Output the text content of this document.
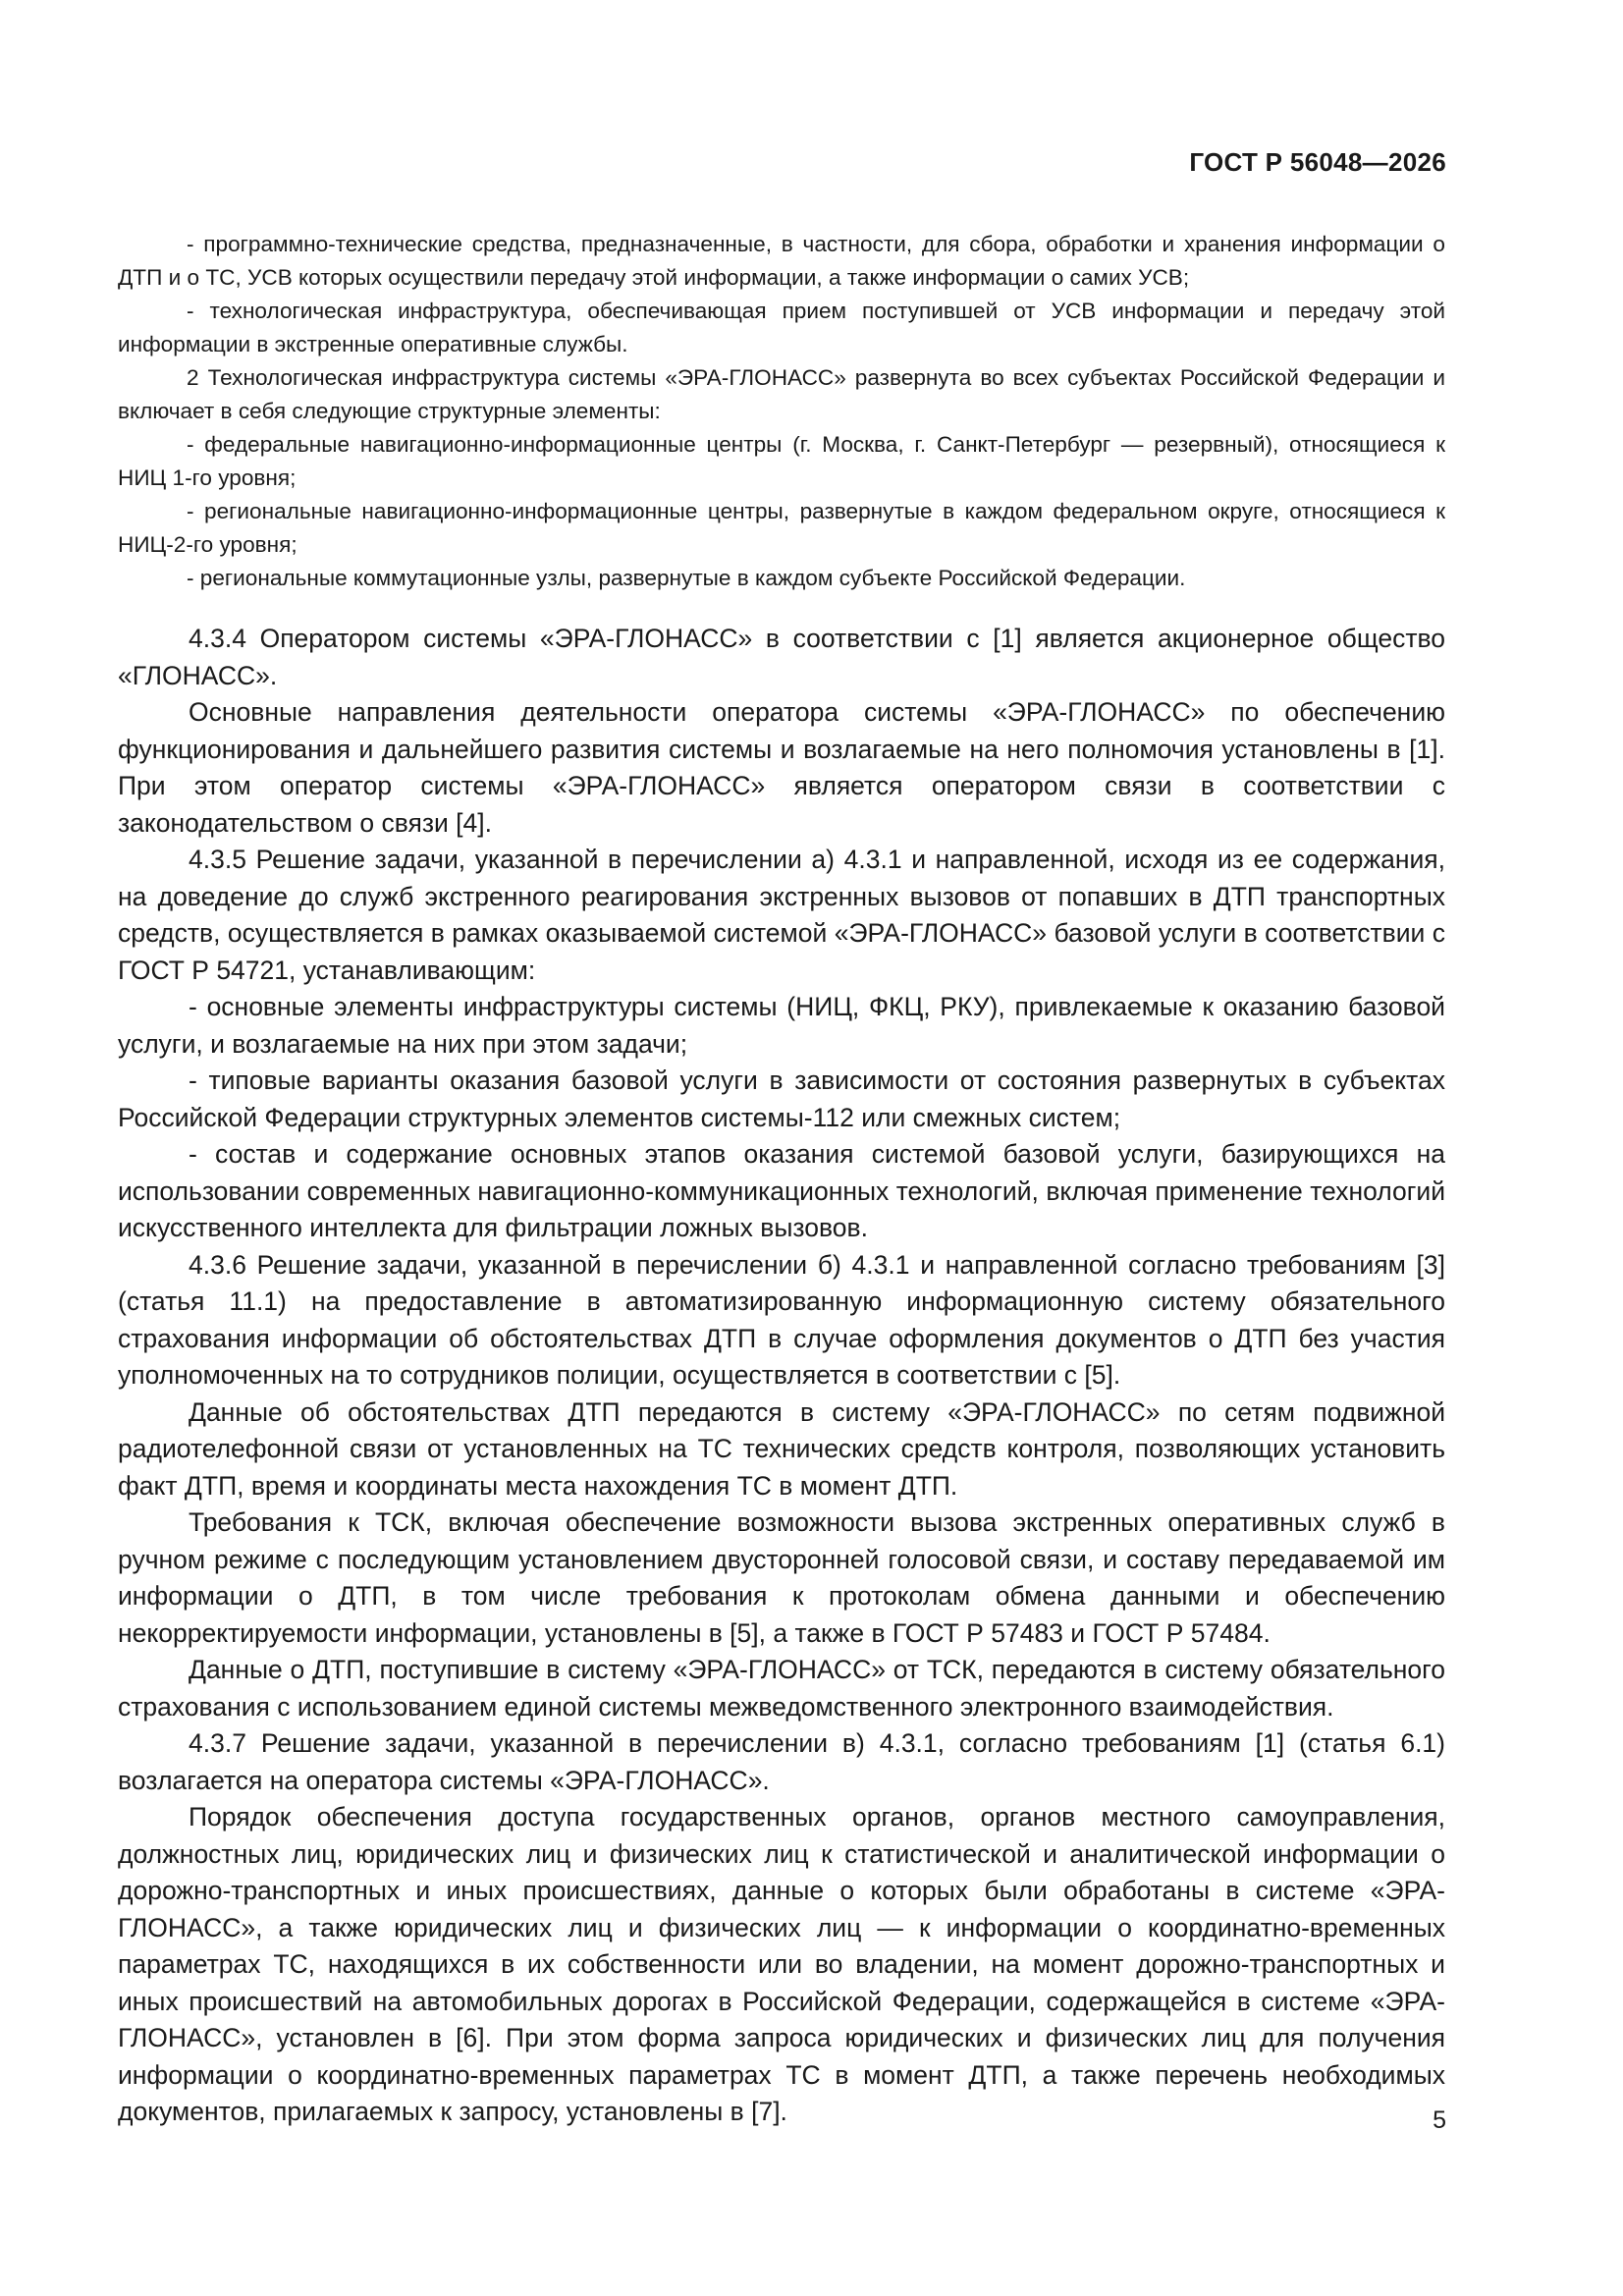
ГОСТ Р 56048—2026

- программно-технические средства, предназначенные, в частности, для сбора, обработки и хранения информации о ДТП и о ТС, УСВ которых осуществили передачу этой информации, а также информации о самих УСВ;

- технологическая инфраструктура, обеспечивающая прием поступившей от УСВ информации и передачу этой информации в экстренные оперативные службы.

2 Технологическая инфраструктура системы «ЭРА-ГЛОНАСС» развернута во всех субъектах Российской Федерации и включает в себя следующие структурные элементы:

- федеральные навигационно-информационные центры (г. Москва, г. Санкт-Петербург — резервный), относящиеся к НИЦ 1-го уровня;

- региональные навигационно-информационные центры, развернутые в каждом федеральном округе, относящиеся к НИЦ-2-го уровня;

- региональные коммутационные узлы, развернутые в каждом субъекте Российской Федерации.

4.3.4 Оператором системы «ЭРА-ГЛОНАСС» в соответствии с [1] является акционерное общество «ГЛОНАСС».

Основные направления деятельности оператора системы «ЭРА-ГЛОНАСС» по обеспечению функционирования и дальнейшего развития системы и возлагаемые на него полномочия установлены в [1]. При этом оператор системы «ЭРА-ГЛОНАСС» является оператором связи в соответствии с законодательством о связи [4].

4.3.5 Решение задачи, указанной в перечислении а) 4.3.1 и направленной, исходя из ее содержания, на доведение до служб экстренного реагирования экстренных вызовов от попавших в ДТП транспортных средств, осуществляется в рамках оказываемой системой «ЭРА-ГЛОНАСС» базовой услуги в соответствии с ГОСТ Р 54721, устанавливающим:

- основные элементы инфраструктуры системы (НИЦ, ФКЦ, РКУ), привлекаемые к оказанию базовой услуги, и возлагаемые на них при этом задачи;

- типовые варианты оказания базовой услуги в зависимости от состояния развернутых в субъектах Российской Федерации структурных элементов системы-112 или смежных систем;

- состав и содержание основных этапов оказания системой базовой услуги, базирующихся на использовании современных навигационно-коммуникационных технологий, включая применение технологий искусственного интеллекта для фильтрации ложных вызовов.

4.3.6 Решение задачи, указанной в перечислении б) 4.3.1 и направленной согласно требованиям [3] (статья 11.1) на предоставление в автоматизированную информационную систему обязательного страхования информации об обстоятельствах ДТП в случае оформления документов о ДТП без участия уполномоченных на то сотрудников полиции, осуществляется в соответствии с [5].

Данные об обстоятельствах ДТП передаются в систему «ЭРА-ГЛОНАСС» по сетям подвижной радиотелефонной связи от установленных на ТС технических средств контроля, позволяющих установить факт ДТП, время и координаты места нахождения ТС в момент ДТП.

Требования к ТСК, включая обеспечение возможности вызова экстренных оперативных служб в ручном режиме с последующим установлением двусторонней голосовой связи, и составу передаваемой им информации о ДТП, в том числе требования к протоколам обмена данными и обеспечению некорректируемости информации, установлены в [5], а также в ГОСТ Р 57483 и ГОСТ Р 57484.

Данные о ДТП, поступившие в систему «ЭРА-ГЛОНАСС» от ТСК, передаются в систему обязательного страхования с использованием единой системы межведомственного электронного взаимодействия.

4.3.7 Решение задачи, указанной в перечислении в) 4.3.1, согласно требованиям [1] (статья 6.1) возлагается на оператора системы «ЭРА-ГЛОНАСС».

Порядок обеспечения доступа государственных органов, органов местного самоуправления, должностных лиц, юридических лиц и физических лиц к статистической и аналитической информации о дорожно-транспортных и иных происшествиях, данные о которых были обработаны в системе «ЭРА-ГЛОНАСС», а также юридических лиц и физических лиц — к информации о координатно-временных параметрах ТС, находящихся в их собственности или во владении, на момент дорожно-транспортных и иных происшествий на автомобильных дорогах в Российской Федерации, содержащейся в системе «ЭРА-ГЛОНАСС», установлен в [6]. При этом форма запроса юридических и физических лиц для получения информации о координатно-временных параметрах ТС в момент ДТП, а также перечень необходимых документов, прилагаемых к запросу, установлены в [7].	5
